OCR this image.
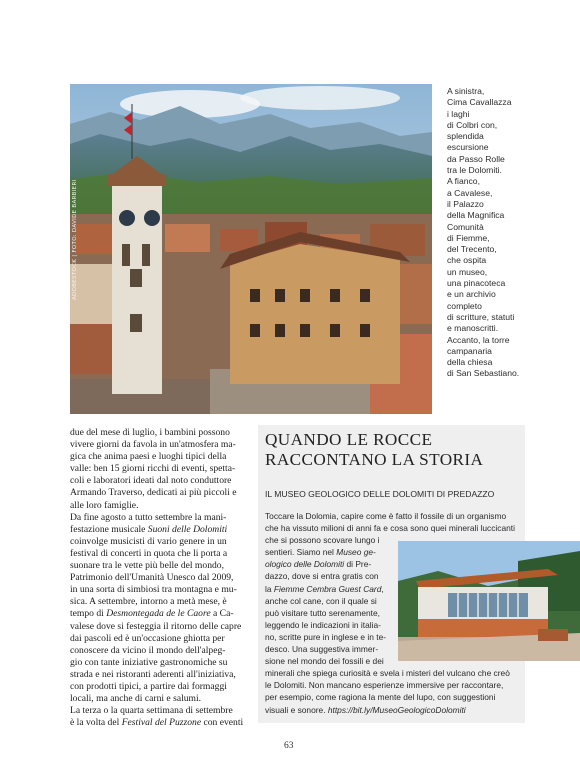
ADOBESTOCK | FOTO: DAVIDE BARBIERI
A sinistra,
Cima Cavallazza
i laghi
di Colbri con,
splendida
escursione
da Passo Rolle
tra le Dolomiti.
A fianco,
a Cavalese,
il Palazzo
della Magnifica
Comunità
di Fiemme,
del Trecento,
che ospita
un museo,
una pinacoteca
e un archivio
completo
di scritture, statuti
e manoscritti.
Accanto, la torre
campanaria
della chiesa
di San Sebastiano.
due del mese di luglio, i bambini possono
vivere giorni da favola in un'atmosfera ma-
gica che anima paesi e luoghi tipici della
valle: ben 15 giorni ricchi di eventi, spetta-
coli e laboratori ideati dal noto conduttore
Armando Traverso, dedicati ai più piccoli e
alle loro famiglie.
Da fine agosto a tutto settembre la mani-
festazione musicale Suoni delle Dolomiti
coinvolge musicisti di vario genere in un
festival di concerti in quota che li porta a
suonare tra le vette più belle del mondo,
Patrimonio dell'Umanità Unesco dal 2009,
in una sorta di simbiosi tra montagna e mu-
sica. A settembre, intorno a metà mese, è
tempo di Desmontegada de le Caore a Ca-
valese dove si festeggia il ritorno delle capre
dai pascoli ed è un'occasione ghiotta per
conoscere da vicino il mondo dell'alpeg-
gio con tante iniziative gastronomiche su
strada e nei ristoranti aderenti all'iniziativa,
con prodotti tipici, a partire dai formaggi
locali, ma anche di carni e salumi.
La terza o la quarta settimana di settembre
è la volta del Festival del Puzzone con eventi
QUANDO LE ROCCE
RACCONTANO LA STORIA
IL MUSEO GEOLOGICO DELLE DOLOMITI DI PREDAZZO
Toccare la Dolomia, capire come è fatto il fossile di un organismo
che ha vissuto milioni di anni fa e cosa sono quei minerali luccicanti
che si possono scovare lungo i
sentieri. Siamo nel Museo ge-
ologico delle Dolomiti di Pre-
dazzo, dove si entra gratis con
la Fiemme Cembra Guest Card,
anche col cane, con il quale si
può visitare tutto serenamente,
leggendo le indicazioni in italia-
no, scritte pure in inglese e in te-
desco. Una suggestiva immer-
sione nel mondo dei fossili e dei
minerali che spiega curiosità e svela i misteri del vulcano che creò
le Dolomiti. Non mancano esperienze immersive per raccontare,
per esempio, come ragiona la mente del lupo, con suggestioni
visuali e sonore. https://bit.ly/MuseoGeologicoDolomiti
63
